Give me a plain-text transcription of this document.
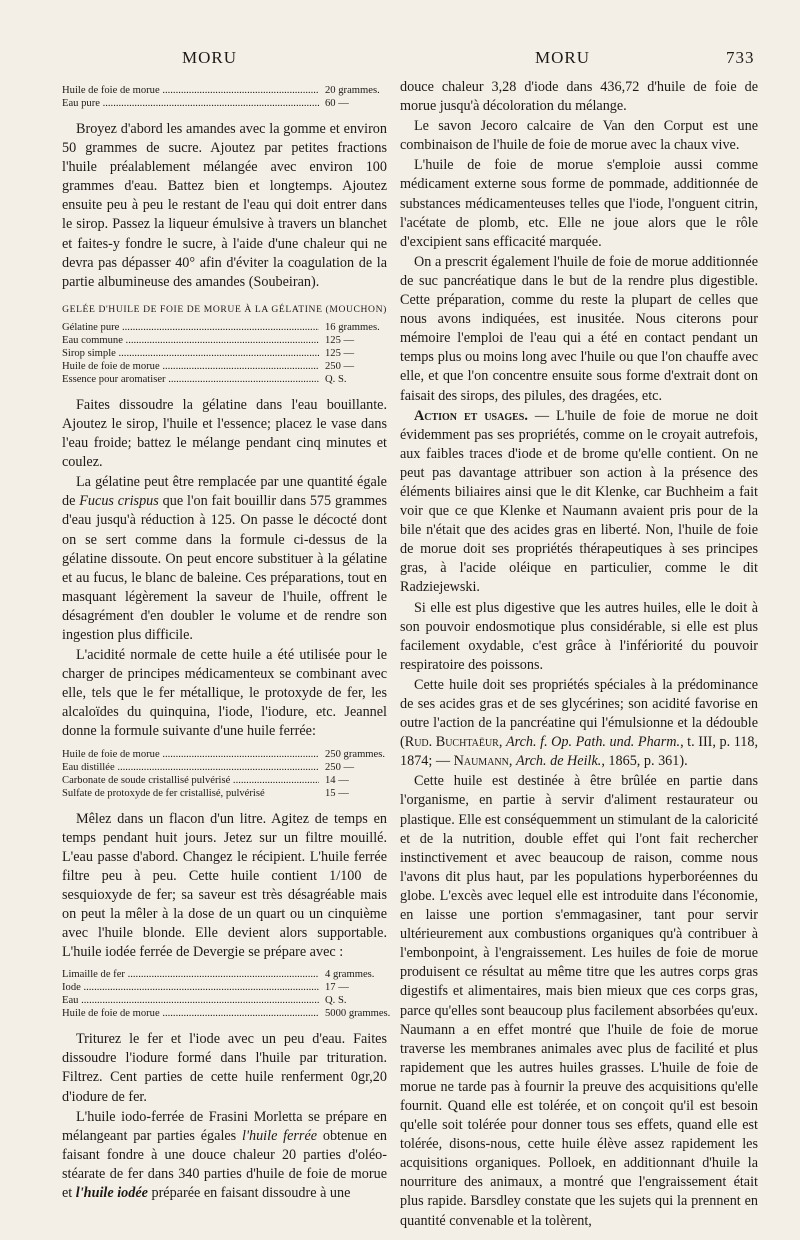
MORU	MORU	733
Huile de foie de morue .....	20 grammes.
Eau pure .....	60 —

Broyez d'abord les amandes avec la gomme et environ 50 grammes de sucre. Ajoutez par petites fractions l'huile préalablement mélangée avec environ 100 grammes d'eau. Battez bien et longtemps. Ajoutez ensuite peu à peu le restant de l'eau qui doit entrer dans le sirop. Passez la liqueur émulsive à travers un blanchet et faites-y fondre le sucre, à l'aide d'une chaleur qui ne devra pas dépasser 40° afin d'éviter la coagulation de la partie albumineuse des amandes (Soubeiran).

GELÉE D'HUILE DE FOIE DE MORUE À LA GÉLATINE (MOUCHON)
Gélatine pure .....	16 grammes.
Eau commune .....	125 —
Sirop simple .....	125 —
Huile de foie de morue .....	250 —
Essence pour aromatiser .....	Q. S.

Faites dissoudre la gélatine dans l'eau bouillante. Ajoutez le sirop, l'huile et l'essence; placez le vase dans l'eau froide; battez le mélange pendant cinq minutes et coulez.

La gélatine peut être remplacée par une quantité égale de Fucus crispus que l'on fait bouillir dans 575 grammes d'eau jusqu'à réduction à 125. On passe le décocté dont on se sert comme dans la formule ci-dessus de la gélatine dissoute. On peut encore substituer à la gélatine et au fucus, le blanc de baleine. Ces préparations, tout en masquant légèrement la saveur de l'huile, offrent le désagrément d'en doubler le volume et de rendre son ingestion plus difficile.

L'acidité normale de cette huile a été utilisée pour le charger de principes médicamenteux se combinant avec elle, tels que le fer métallique, le protoxyde de fer, les alcaloïdes du quinquina, l'iode, l'iodure, etc. Jeannel donne la formule suivante d'une huile ferrée:

Huile de foie de morue .....	250 grammes.
Eau distillée .....	250 —
Carbonate de soude cristallisé pulvérisé .....	14 —
Sulfate de protoxyde de fer cristallisé, pulvérisé	15 —

Mêlez dans un flacon d'un litre. Agitez de temps en temps pendant huit jours. Jetez sur un filtre mouillé. L'eau passe d'abord. Changez le récipient. L'huile ferrée filtre peu à peu. Cette huile contient 1/100 de sesquioxyde de fer; sa saveur est très désagréable mais on peut la mêler à la dose de un quart ou un cinquième avec l'huile blonde. Elle devient alors supportable. L'huile iodée ferrée de Devergie se prépare avec :

Limaille de fer .....	4 grammes.
Iode .....	17 —
Eau .....	Q. S.
Huile de foie de morue .....	5000 grammes.

Triturez le fer et l'iode avec un peu d'eau. Faites dissoudre l'iodure formé dans l'huile par trituration. Filtrez. Cent parties de cette huile renferment 0gr,20 d'iodure de fer.

L'huile iodo-ferrée de Frasini Morletta se prépare en mélangeant par parties égales l'huile ferrée obtenue en faisant fondre à une douce chaleur 20 parties d'oléo-stéarate de fer dans 340 parties d'huile de foie de morue et l'huile iodée préparée en faisant dissoudre à une

douce chaleur 3,28 d'iode dans 436,72 d'huile de foie de morue jusqu'à décoloration du mélange.

Le savon Jecoro calcaire de Van den Corput est une combinaison de l'huile de foie de morue avec la chaux vive.

L'huile de foie de morue s'emploie aussi comme médicament externe sous forme de pommade, additionnée de substances médicamenteuses telles que l'iode, l'onguent citrin, l'acétate de plomb, etc. Elle ne joue alors que le rôle d'excipient sans efficacité marquée.

On a prescrit également l'huile de foie de morue additionnée de suc pancréatique dans le but de la rendre plus digestible. Cette préparation, comme du reste la plupart de celles que nous avons indiquées, est inusitée. Nous citerons pour mémoire l'emploi de l'eau qui a été en contact pendant un temps plus ou moins long avec l'huile ou que l'on chauffe avec elle, et que l'on concentre ensuite sous forme d'extrait dont on faisait des sirops, des pilules, des dragées, etc.

Action et usages. — L'huile de foie de morue ne doit évidemment pas ses propriétés, comme on le croyait autrefois, aux faibles traces d'iode et de brome qu'elle contient. On ne peut pas davantage attribuer son action à la présence des éléments biliaires ainsi que le dit Klenke, car Buchheim a fait voir que ce que Klenke et Naumann avaient pris pour de la bile n'était que des acides gras en liberté. Non, l'huile de foie de morue doit ses propriétés thérapeutiques à ses principes gras, à l'acide oléique en particulier, comme le dit Radziejewski.

Si elle est plus digestive que les autres huiles, elle le doit à son pouvoir endosmotique plus considérable, si elle est plus facilement oxydable, c'est grâce à l'infériorité du pouvoir respiratoire des poissons.

Cette huile doit ses propriétés spéciales à la prédominance de ses acides gras et de ses glycérines; son acidité favorise en outre l'action de la pancréatine qui l'émulsionne et la dédouble (Rud. Buchtaëur, Arch. f. Op. Path. und. Pharm., t. III, p. 118, 1874; — Naumann, Arch. de Heilk., 1865, p. 361).

Cette huile est destinée à être brûlée en partie dans l'organisme, en partie à servir d'aliment restaurateur ou plastique. Elle est conséquemment un stimulant de la caloricité et de la nutrition, double effet qui l'ont fait rechercher instinctivement et avec beaucoup de raison, comme nous l'avons dit plus haut, par les populations hyperboréennes du globe. L'excès avec lequel elle est introduite dans l'économie, en laisse une portion s'emmagasiner, tant pour servir ultérieurement aux combustions organiques qu'à contribuer à l'embonpoint, à l'engraissement. Les huiles de foie de morue produisent ce résultat au même titre que les autres corps gras digestifs et alimentaires, mais bien mieux que ces corps gras, parce qu'elles sont beaucoup plus facilement absorbées qu'eux. Naumann a en effet montré que l'huile de foie de morue traverse les membranes animales avec plus de facilité et plus rapidement que les autres huiles grasses. L'huile de foie de morue ne tarde pas à fournir la preuve des acquisitions qu'elle fournit. Quand elle est tolérée, et on conçoit qu'il est besoin qu'elle soit tolérée pour donner tous ses effets, quand elle est tolérée, disons-nous, cette huile élève assez rapidement les acquisitions organiques. Polloek, en additionnant d'huile la nourriture des animaux, a montré que l'engraissement était plus rapide. Barsdley constate que les sujets qui la prennent en quantité convenable et la tolèrent,
